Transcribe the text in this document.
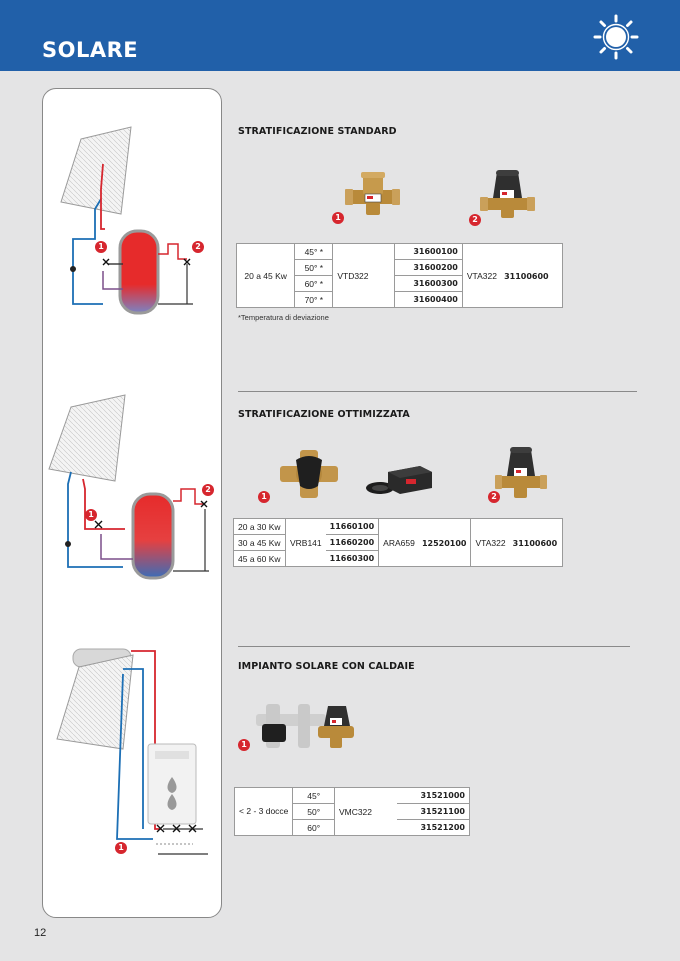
SOLARE
1	2
1
2
1
STRATIFICAZIONE STANDARD
1	2
20 a 45 Kw	45° *	VTD322	31600100	VTA322 31100600
	50° *		31600200	
	60° *		31600300	
	70° *		31600400	
*Temperatura di deviazione
STRATIFICAZIONE OTTIMIZZATA
1	2
20 a 30 Kw	VRB141	11660100	ARA659 12520100	VTA322 31100600
30 a 45 Kw		11660200		
45 a 60 Kw		11660300		
IMPIANTO SOLARE CON CALDAIE
1
< 2 - 3 docce	45°	VMC322	31521000
	50°		31521100
	60°		31521200
12
